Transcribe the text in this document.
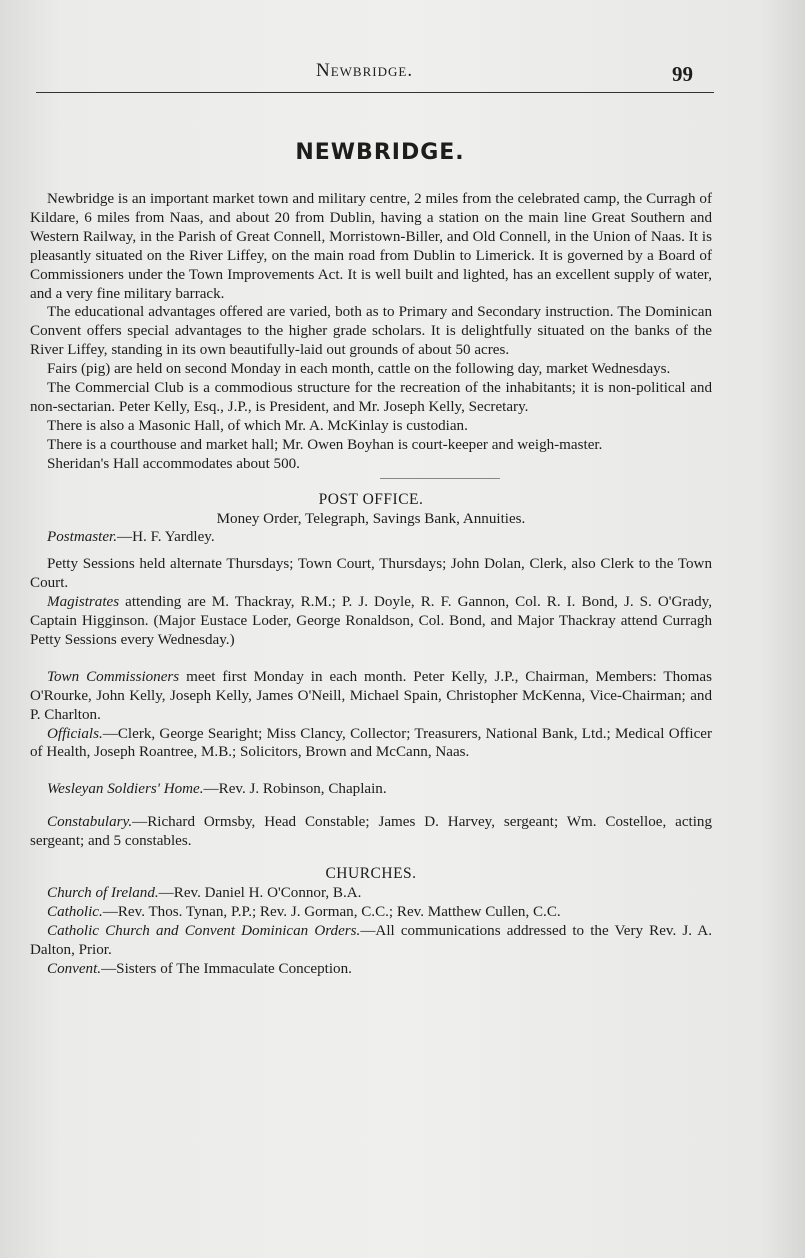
Newbridge.	99
NEWBRIDGE.

Newbridge is an important market town and military centre, 2 miles from the celebrated camp, the Curragh of Kildare, 6 miles from Naas, and about 20 from Dublin, having a station on the main line Great Southern and Western Railway, in the Parish of Great Connell, Morristown-Biller, and Old Connell, in the Union of Naas. It is pleasantly situated on the River Liffey, on the main road from Dublin to Limerick. It is governed by a Board of Commissioners under the Town Improvements Act. It is well built and lighted, has an excellent supply of water, and a very fine military barrack.

The educational advantages offered are varied, both as to Primary and Secondary instruction. The Dominican Convent offers special advantages to the higher grade scholars. It is delightfully situated on the banks of the River Liffey, standing in its own beautifully-laid out grounds of about 50 acres.

Fairs (pig) are held on second Monday in each month, cattle on the following day, market Wednesdays.

The Commercial Club is a commodious structure for the recreation of the inhabitants; it is non-political and non-sectarian. Peter Kelly, Esq., J.P., is President, and Mr. Joseph Kelly, Secretary.

There is also a Masonic Hall, of which Mr. A. McKinlay is custodian.

There is a courthouse and market hall; Mr. Owen Boyhan is court-keeper and weigh-master.

Sheridan's Hall accommodates about 500.

POST OFFICE.
Money Order, Telegraph, Savings Bank, Annuities.

Postmaster.—H. F. Yardley.

Petty Sessions held alternate Thursdays; Town Court, Thursdays; John Dolan, Clerk, also Clerk to the Town Court.

Magistrates attending are M. Thackray, R.M.; P. J. Doyle, R. F. Gannon, Col. R. I. Bond, J. S. O'Grady, Captain Higginson. (Major Eustace Loder, George Ronaldson, Col. Bond, and Major Thackray attend Curragh Petty Sessions every Wednesday.)

Town Commissioners meet first Monday in each month. Peter Kelly, J.P., Chairman, Members: Thomas O'Rourke, John Kelly, Joseph Kelly, James O'Neill, Michael Spain, Christopher McKenna, Vice-Chairman; and P. Charlton.

Officials.—Clerk, George Searight; Miss Clancy, Collector; Treasurers, National Bank, Ltd.; Medical Officer of Health, Joseph Roantree, M.B.; Solicitors, Brown and McCann, Naas.

Wesleyan Soldiers' Home.—Rev. J. Robinson, Chaplain.

Constabulary.—Richard Ormsby, Head Constable; James D. Harvey, sergeant; Wm. Costelloe, acting sergeant; and 5 constables.

CHURCHES.

Church of Ireland.—Rev. Daniel H. O'Connor, B.A.

Catholic.—Rev. Thos. Tynan, P.P.; Rev. J. Gorman, C.C.; Rev. Matthew Cullen, C.C.

Catholic Church and Convent Dominican Orders.—All communications addressed to the Very Rev. J. A. Dalton, Prior.

Convent.—Sisters of The Immaculate Conception.
